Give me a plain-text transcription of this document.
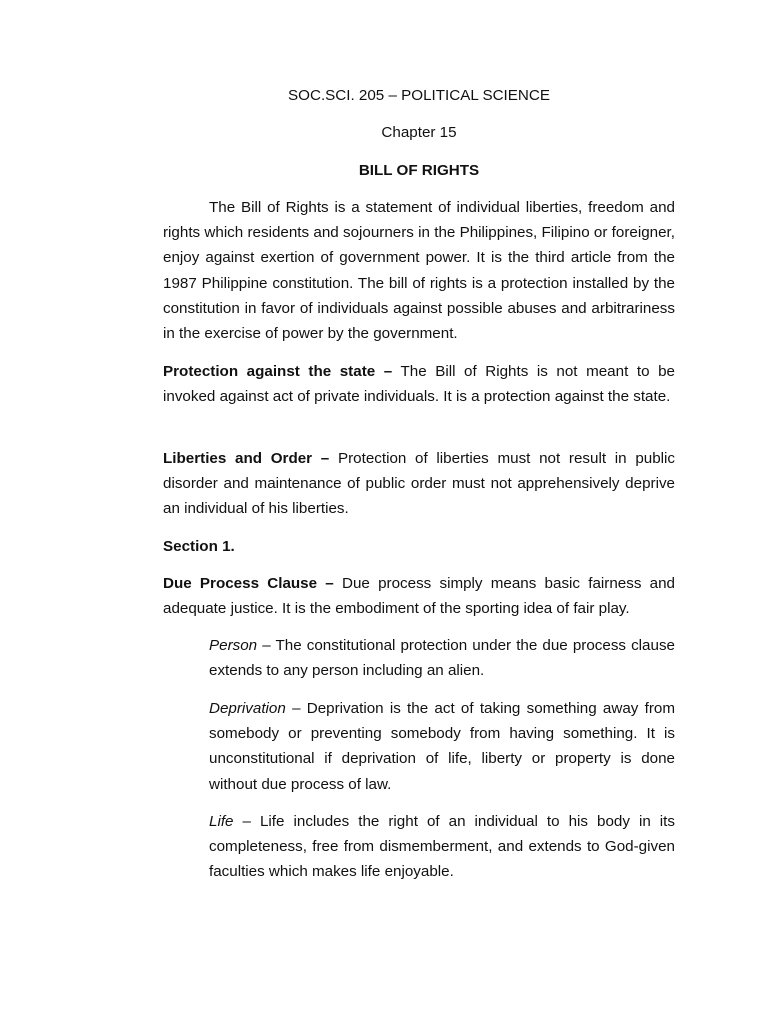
SOC.SCI. 205 – POLITICAL SCIENCE

Chapter 15

BILL OF RIGHTS

The Bill of Rights is a statement of individual liberties, freedom and rights which residents and sojourners in the Philippines, Filipino or foreigner, enjoy against exertion of government power. It is the third article from the 1987 Philippine constitution. The bill of rights is a protection installed by the constitution in favor of individuals against possible abuses and arbitrariness in the exercise of power by the government.

Protection against the state – The Bill of Rights is not meant to be invoked against act of private individuals. It is a protection against the state.

Liberties and Order – Protection of liberties must not result in public disorder and maintenance of public order must not apprehensively deprive an individual of his liberties.

Section 1.

Due Process Clause – Due process simply means basic fairness and adequate justice. It is the embodiment of the sporting idea of fair play.

Person – The constitutional protection under the due process clause extends to any person including an alien.

Deprivation – Deprivation is the act of taking something away from somebody or preventing somebody from having something. It is unconstitutional if deprivation of life, liberty or property is done without due process of law.

Life – Life includes the right of an individual to his body in its completeness, free from dismemberment, and extends to God-given faculties which makes life enjoyable.
